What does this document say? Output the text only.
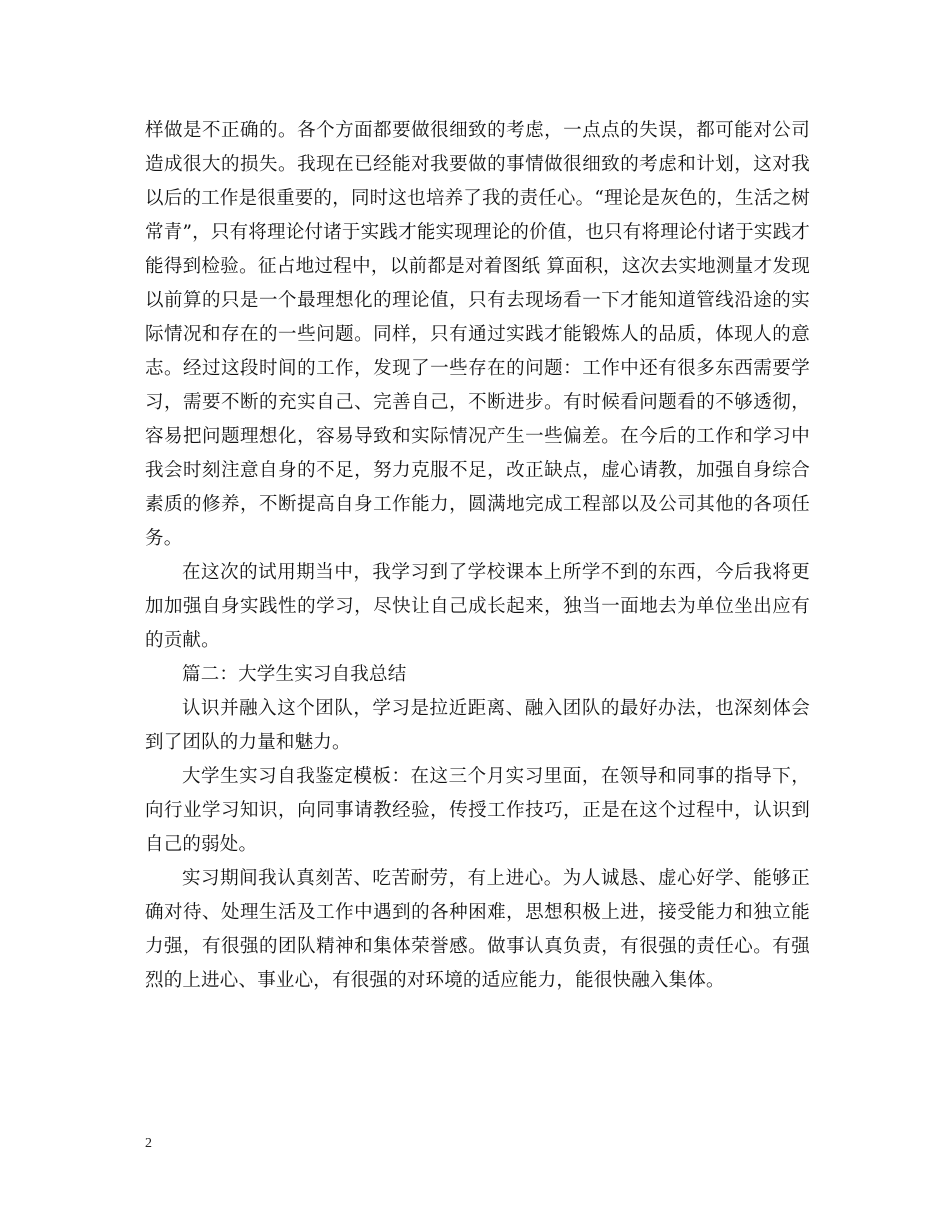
样做是不正确的。各个方面都要做很细致的考虑，一点点的失误，都可能对公司造成很大的损失。我现在已经能对我要做的事情做很细致的考虑和计划，这对我以后的工作是很重要的，同时这也培养了我的责任心。“理论是灰色的，生活之树常青”，只有将理论付诸于实践才能实现理论的价值，也只有将理论付诸于实践才能得到检验。征占地过程中，以前都是对着图纸 算面积，这次去实地测量才发现以前算的只是一个最理想化的理论值，只有去现场看一下才能知道管线沿途的实际情况和存在的一些问题。同样，只有通过实践才能锻炼人的品质，体现人的意志。经过这段时间的工作，发现了一些存在的问题：工作中还有很多东西需要学习，需要不断的充实自己、完善自己，不断进步。有时候看问题看的不够透彻，容易把问题理想化，容易导致和实际情况产生一些偏差。在今后的工作和学习中我会时刻注意自身的不足，努力克服不足，改正缺点，虚心请教，加强自身综合素质的修养，不断提高自身工作能力，圆满地完成工程部以及公司其他的各项任务。

在这次的试用期当中，我学习到了学校课本上所学不到的东西，今后我将更加加强自身实践性的学习，尽快让自己成长起来，独当一面地去为单位坐出应有的贡献。

篇二：大学生实习自我总结

认识并融入这个团队，学习是拉近距离、融入团队的最好办法，也深刻体会到了团队的力量和魅力。

大学生实习自我鉴定模板：在这三个月实习里面，在领导和同事的指导下，向行业学习知识，向同事请教经验，传授工作技巧，正是在这个过程中，认识到自己的弱处。

实习期间我认真刻苦、吃苦耐劳，有上进心。为人诚恳、虚心好学、能够正确对待、处理生活及工作中遇到的各种困难，思想积极上进，接受能力和独立能力强，有很强的团队精神和集体荣誉感。做事认真负责，有很强的责任心。有强烈的上进心、事业心，有很强的对环境的适应能力，能很快融入集体。

2
